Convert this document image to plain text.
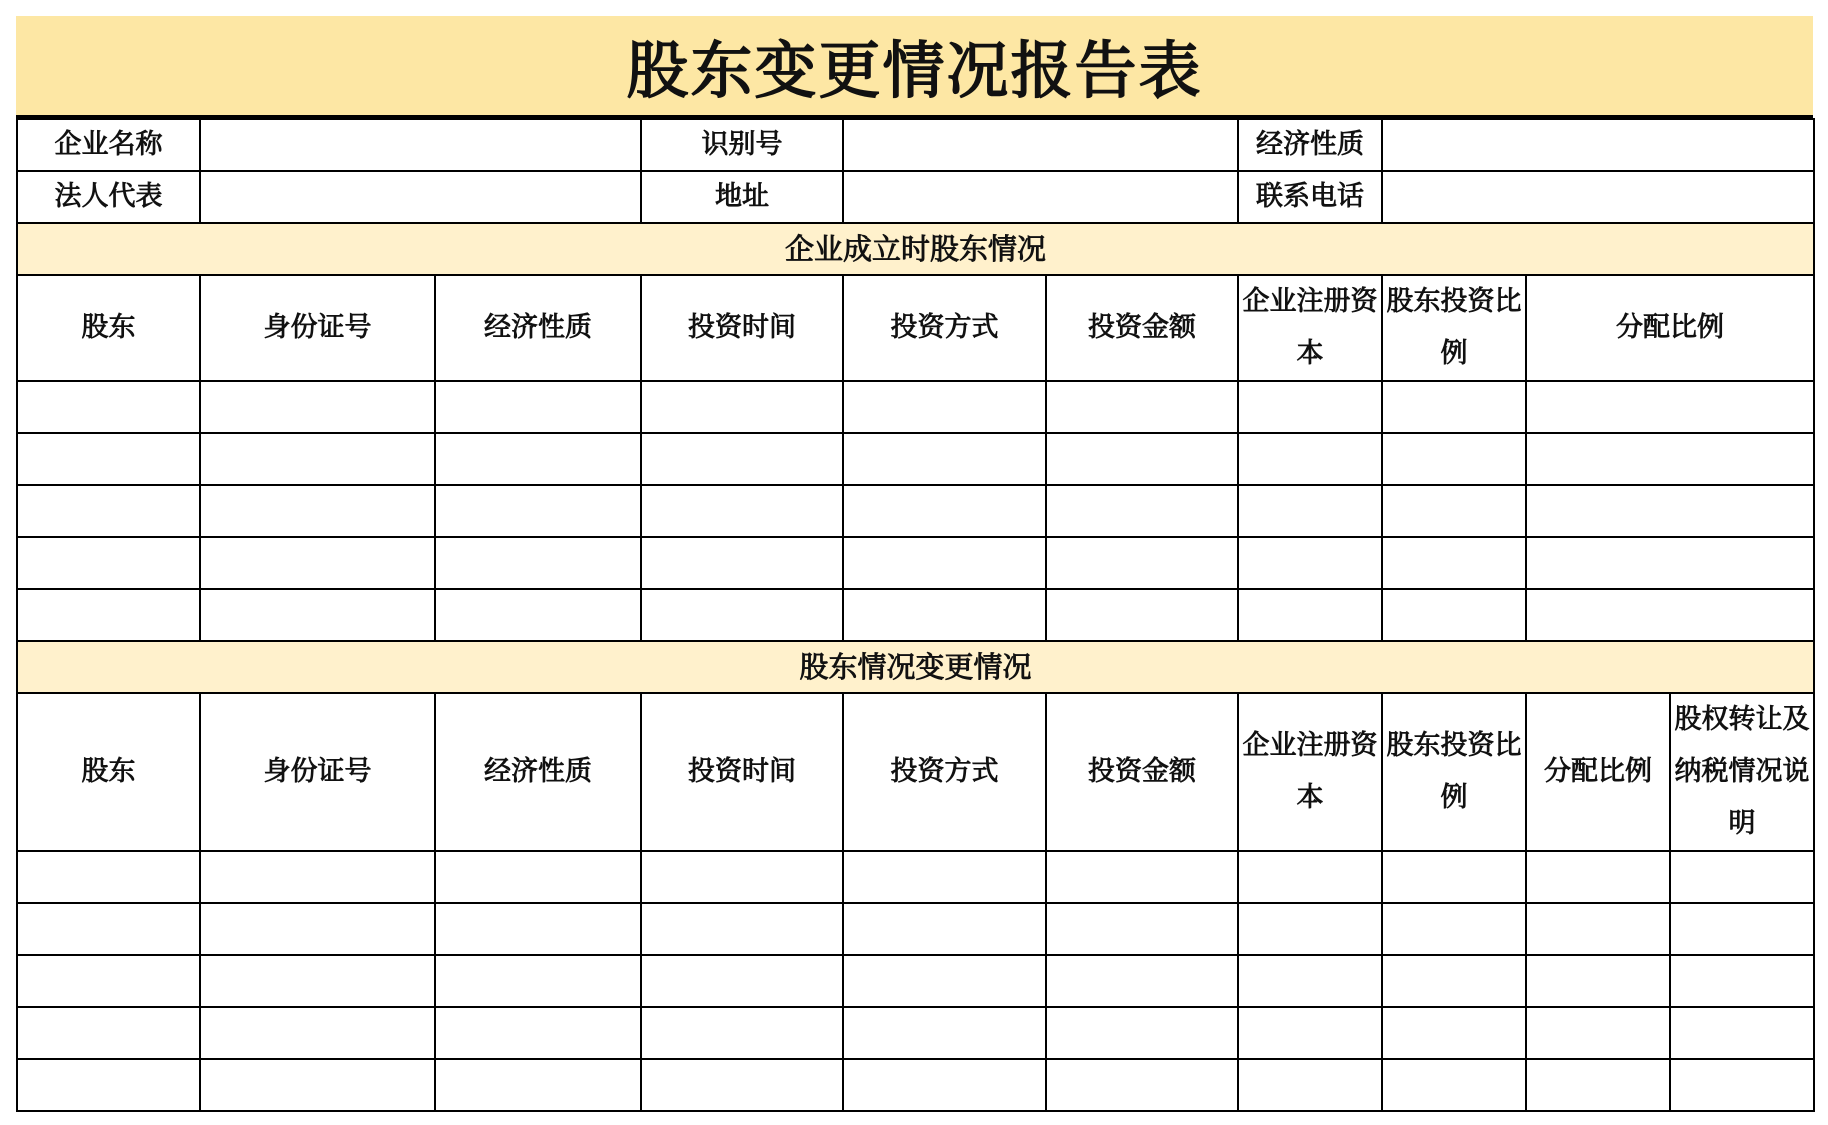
股东变更情况报告表
企业名称			识别号			经济性质			
法人代表			地址			联系电话			
企业成立时股东情况									
股东	身份证号	经济性质	投资时间	投资方式	投资金额	企业注册资本	股东投资比例	分配比例	

股东情况变更情况									
股东	身份证号	经济性质	投资时间	投资方式	投资金额	企业注册资本	股东投资比例	分配比例	股权转让及纳税情况说明
